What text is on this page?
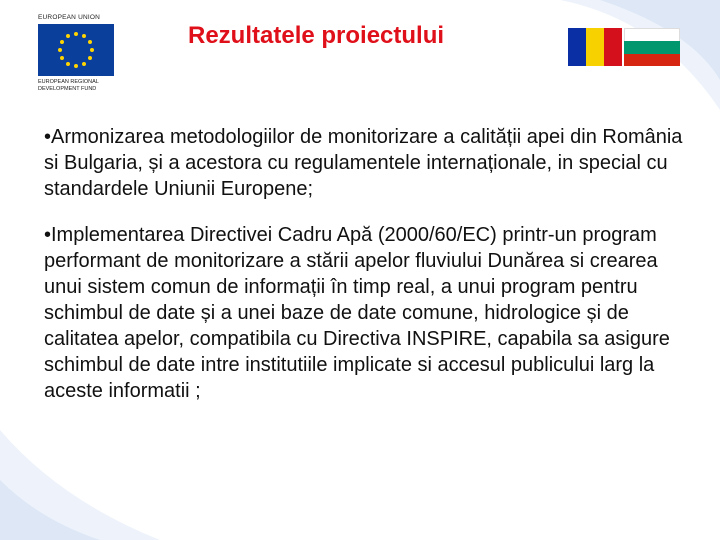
EUROPEAN UNION
EUROPEAN REGIONAL
DEVELOPMENT FUND
Rezultatele proiectului

•Armonizarea metodologiilor de monitorizare a calității apei din România si Bulgaria, și a acestora cu regulamentele internaționale, in special cu standardele Uniunii Europene;

•Implementarea Directivei Cadru Apă (2000/60/EC) printr-un program performant de monitorizare a stării apelor fluviului Dunărea si crearea unui sistem comun de informații în timp real, a unui program pentru schimbul de date și a unei baze de date comune, hidrologice și de calitatea apelor, compatibila cu Directiva INSPIRE, capabila sa asigure schimbul de date intre institutiile implicate si accesul publicului larg la aceste informatii ;
